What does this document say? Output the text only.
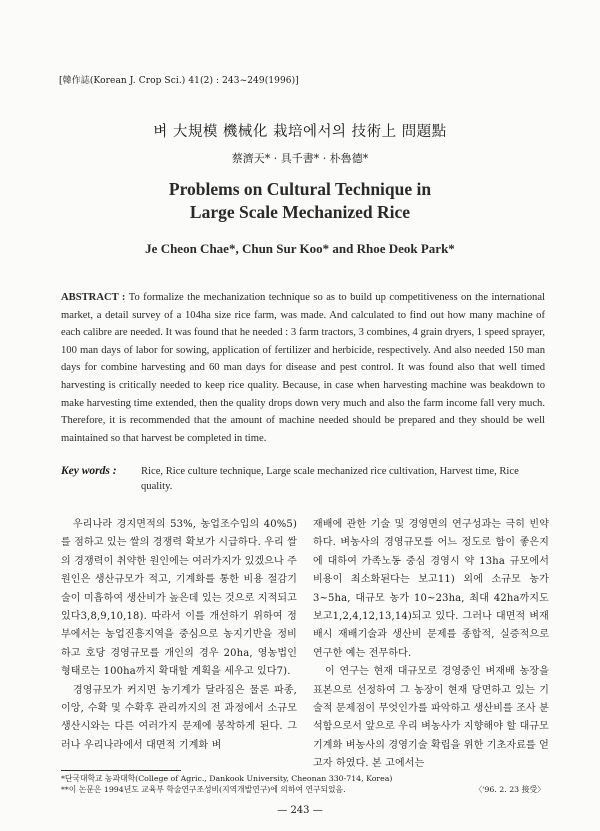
[韓作誌(Korean J. Crop Sci.) 41(2) : 243~249(1996)]
벼 大規模 機械化 栽培에서의 技術上 問題點
蔡濟天* · 具千書* · 朴魯德*
Problems on Cultural Technique in
Large Scale Mechanized Rice
Je Cheon Chae*, Chun Sur Koo* and Rhoe Deok Park*
ABSTRACT : To formalize the mechanization technique so as to build up competitiveness on the international market, a detail survey of a 104ha size rice farm, was made. And calculated to find out how many machine of each calibre are needed. It was found that he needed : 3 farm tractors, 3 combines, 4 grain dryers, 1 speed sprayer, 100 man days of labor for sowing, application of fertilizer and herbicide, respectively. And also needed 150 man days for combine harvesting and 60 man days for disease and pest control. It was found also that well timed harvesting is critically needed to keep rice quality. Because, in case when harvesting machine was beakdown to make harvesting time extended, then the quality drops down very much and also the farm income fall very much. Therefore, it is recommended that the amount of machine needed should be prepared and they should be well maintained so that harvest be completed in time.
Key words : Rice, Rice culture technique, Large scale mechanized rice cultivation, Harvest time, Rice quality.

우리나라 경지면적의 53%, 농업조수입의 40%5)를 점하고 있는 쌀의 경쟁력 확보가 시급하다. 우리 쌀의 경쟁력이 취약한 원인에는 여러가지가 있겠으나 주 원인은 생산규모가 적고, 기계화를 통한 비용 절감기술이 미흡하여 생산비가 높은데 있는 것으로 지적되고 있다3,8,9,10,18). 따라서 이를 개선하기 위하여 정부에서는 농업진흥지역을 중심으로 농지기반을 정비하고 호당 경영규모를 개인의 경우 20ha, 영농법인 형태로는 100ha까지 확대할 계획을 세우고 있다7).

경영규모가 커지면 농기계가 달라짐은 물론 파종, 이앙, 수확 및 수확후 관리까지의 전 과정에서 소규모 생산시와는 다른 여러가지 문제에 봉착하게 된다. 그러나 우리나라에서 대면적 기계화 벼

재배에 관한 기술 및 경영면의 연구성과는 극히 빈약하다. 벼농사의 경영규모를 어느 정도로 함이 좋은지에 대하여 가족노동 중심 경영시 약 13ha 규모에서 비용이 최소화된다는 보고11) 외에 소규모 농가 3~5ha, 대규모 농가 10~23ha, 최대 42ha까지도 보고1,2,4,12,13,14)되고 있다. 그러나 대면적 벼재배시 재배기술과 생산비 문제를 종합적, 실증적으로 연구한 예는 전무하다.

이 연구는 현재 대규모로 경영중인 벼재배 농장을 표본으로 선정하여 그 농장이 현재 당면하고 있는 기술적 문제점이 무엇인가를 파악하고 생산비를 조사 분석함으로서 앞으로 우리 벼농사가 지향해야 할 대규모 기계화 벼농사의 경영기술 확립을 위한 기초자료를 얻고자 하였다. 본 고에서는

*단국대학교 농과대학(College of Agric., Dankook University, Cheonan 330-714, Korea)
**이 논문은 1994년도 교육부 학술연구조성비(지역개발연구)에 의하여 연구되었음.	〈'96. 2. 23 接受〉
— 243 —
